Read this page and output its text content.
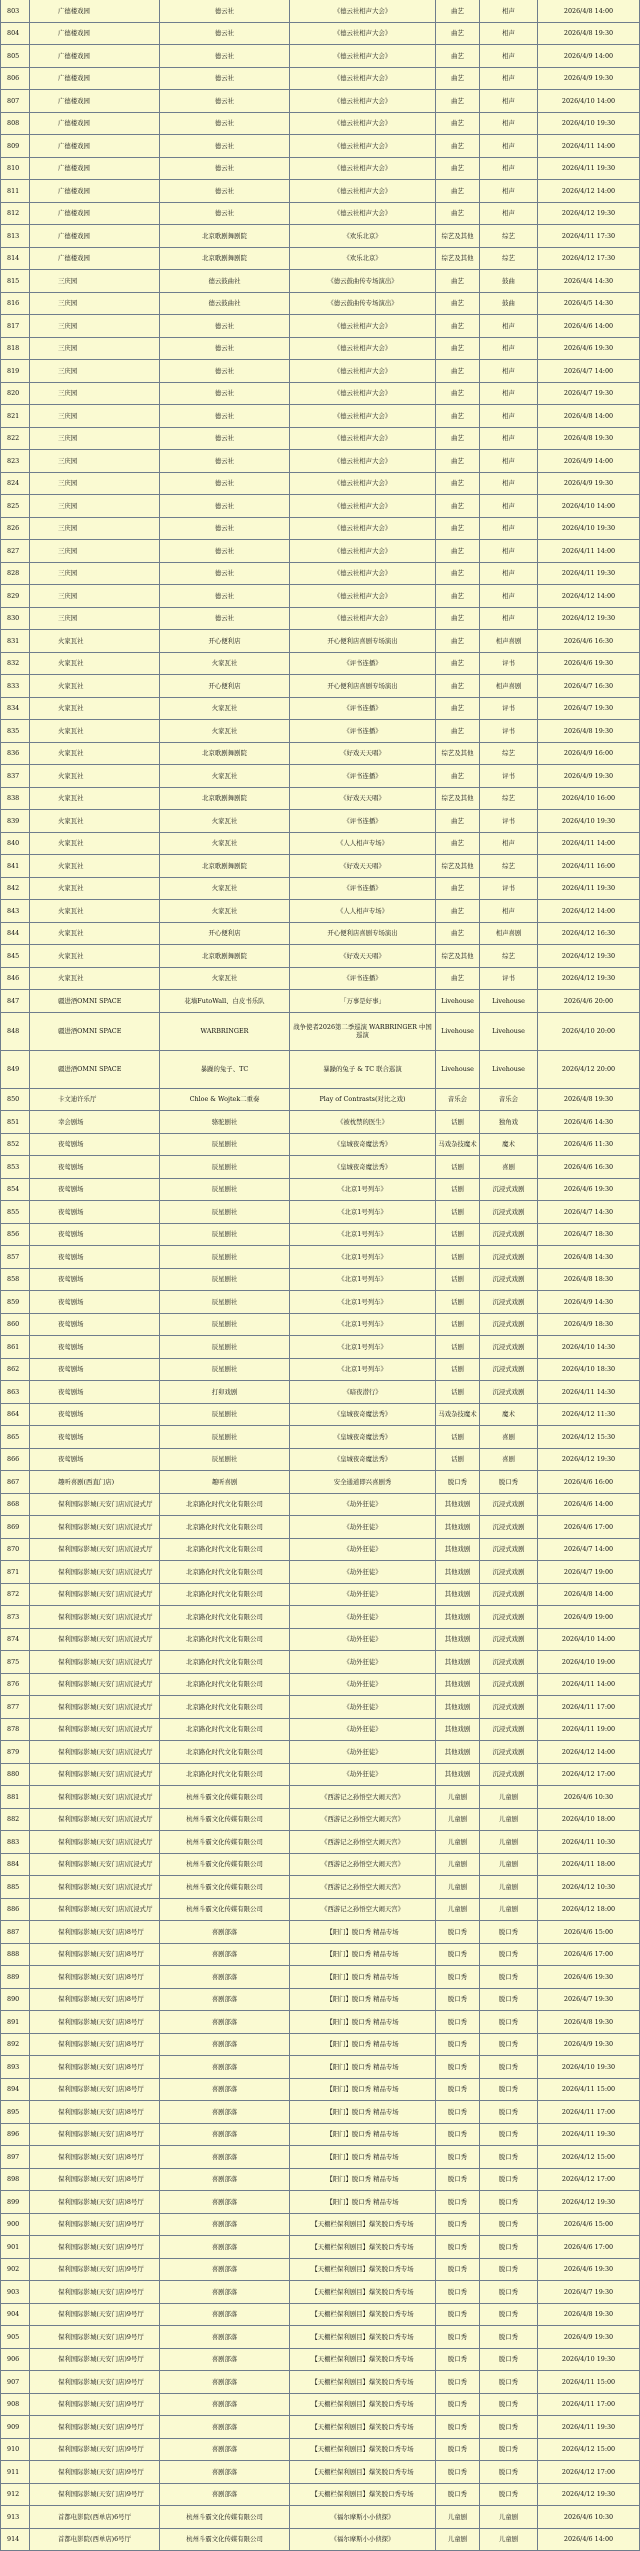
803	广德楼戏园	德云社	《德云社相声大会》	曲艺	相声	2026/4/8 14:00
804	广德楼戏园	德云社	《德云社相声大会》	曲艺	相声	2026/4/8 19:30
805	广德楼戏园	德云社	《德云社相声大会》	曲艺	相声	2026/4/9 14:00
806	广德楼戏园	德云社	《德云社相声大会》	曲艺	相声	2026/4/9 19:30
807	广德楼戏园	德云社	《德云社相声大会》	曲艺	相声	2026/4/10 14:00
808	广德楼戏园	德云社	《德云社相声大会》	曲艺	相声	2026/4/10 19:30
809	广德楼戏园	德云社	《德云社相声大会》	曲艺	相声	2026/4/11 14:00
810	广德楼戏园	德云社	《德云社相声大会》	曲艺	相声	2026/4/11 19:30
811	广德楼戏园	德云社	《德云社相声大会》	曲艺	相声	2026/4/12 14:00
812	广德楼戏园	德云社	《德云社相声大会》	曲艺	相声	2026/4/12 19:30
813	广德楼戏园	北京歌剧舞剧院	《欢乐北京》	综艺及其他	综艺	2026/4/11 17:30
814	广德楼戏园	北京歌剧舞剧院	《欢乐北京》	综艺及其他	综艺	2026/4/12 17:30
815	三庆园	德云鼓曲社	《德云鼓曲传专场演出》	曲艺	鼓曲	2026/4/4 14:30
816	三庆园	德云鼓曲社	《德云鼓曲传专场演出》	曲艺	鼓曲	2026/4/5 14:30
817	三庆园	德云社	《德云社相声大会》	曲艺	相声	2026/4/6 14:00
818	三庆园	德云社	《德云社相声大会》	曲艺	相声	2026/4/6 19:30
819	三庆园	德云社	《德云社相声大会》	曲艺	相声	2026/4/7 14:00
820	三庆园	德云社	《德云社相声大会》	曲艺	相声	2026/4/7 19:30
821	三庆园	德云社	《德云社相声大会》	曲艺	相声	2026/4/8 14:00
822	三庆园	德云社	《德云社相声大会》	曲艺	相声	2026/4/8 19:30
823	三庆园	德云社	《德云社相声大会》	曲艺	相声	2026/4/9 14:00
824	三庆园	德云社	《德云社相声大会》	曲艺	相声	2026/4/9 19:30
825	三庆园	德云社	《德云社相声大会》	曲艺	相声	2026/4/10 14:00
826	三庆园	德云社	《德云社相声大会》	曲艺	相声	2026/4/10 19:30
827	三庆园	德云社	《德云社相声大会》	曲艺	相声	2026/4/11 14:00
828	三庆园	德云社	《德云社相声大会》	曲艺	相声	2026/4/11 19:30
829	三庆园	德云社	《德云社相声大会》	曲艺	相声	2026/4/12 14:00
830	三庆园	德云社	《德云社相声大会》	曲艺	相声	2026/4/12 19:30
831	火家瓦社	开心便利店	开心便利店喜剧专场演出	曲艺	相声喜剧	2026/4/6 16:30
832	火家瓦社	火家瓦社	《评书连播》	曲艺	评书	2026/4/6 19:30
833	火家瓦社	开心便利店	开心便利店喜剧专场演出	曲艺	相声喜剧	2026/4/7 16:30
834	火家瓦社	火家瓦社	《评书连播》	曲艺	评书	2026/4/7 19:30
835	火家瓦社	火家瓦社	《评书连播》	曲艺	评书	2026/4/8 19:30
836	火家瓦社	北京歌剧舞剧院	《好戏天天唱》	综艺及其他	综艺	2026/4/9 16:00
837	火家瓦社	火家瓦社	《评书连播》	曲艺	评书	2026/4/9 19:30
838	火家瓦社	北京歌剧舞剧院	《好戏天天唱》	综艺及其他	综艺	2026/4/10 16:00
839	火家瓦社	火家瓦社	《评书连播》	曲艺	评书	2026/4/10 19:30
840	火家瓦社	火家瓦社	《人人相声专场》	曲艺	相声	2026/4/11 14:00
841	火家瓦社	北京歌剧舞剧院	《好戏天天唱》	综艺及其他	综艺	2026/4/11 16:00
842	火家瓦社	火家瓦社	《评书连播》	曲艺	评书	2026/4/11 19:30
843	火家瓦社	火家瓦社	《人人相声专场》	曲艺	相声	2026/4/12 14:00
844	火家瓦社	开心便利店	开心便利店喜剧专场演出	曲艺	相声喜剧	2026/4/12 16:30
845	火家瓦社	北京歌剧舞剧院	《好戏天天唱》	综艺及其他	综艺	2026/4/12 19:30
846	火家瓦社	火家瓦社	《评书连播》	曲艺	评书	2026/4/12 19:30
847	疆进酒OMNI SPACE	花墙FutoWall、白皮书乐队	「万事是好事」	Livehouse	Livehouse	2026/4/6 20:00
848	疆进酒OMNI SPACE	WARBRINGER	战争使者2026第二季巡演 WARBRINGER 中国巡演	Livehouse	Livehouse	2026/4/10 20:00
849	疆进酒OMNI SPACE	暴躁的兔子、TC	暴躁的兔子 & TC 联合巡演	Livehouse	Livehouse	2026/4/12 20:00
850	卡文迪许乐厅	Chloe & Wojtek二重奏	Play of Contrasts(对比之戏)	音乐会	音乐会	2026/4/8 19:30
851	幸会剧场	骆驼剧社	《被枕禁的医生》	话剧	独角戏	2026/4/6 14:30
852	夜莺剧场	辰星剧社	《皇城夜奇魔法秀》	马戏杂技魔术	魔术	2026/4/6 11:30
853	夜莺剧场	辰星剧社	《皇城夜奇魔法秀》	话剧	喜剧	2026/4/6 16:30
854	夜莺剧场	辰星剧社	《北京1号列车》	话剧	沉浸式戏剧	2026/4/6 19:30
855	夜莺剧场	辰星剧社	《北京1号列车》	话剧	沉浸式戏剧	2026/4/7 14:30
856	夜莺剧场	辰星剧社	《北京1号列车》	话剧	沉浸式戏剧	2026/4/7 18:30
857	夜莺剧场	辰星剧社	《北京1号列车》	话剧	沉浸式戏剧	2026/4/8 14:30
858	夜莺剧场	辰星剧社	《北京1号列车》	话剧	沉浸式戏剧	2026/4/8 18:30
859	夜莺剧场	辰星剧社	《北京1号列车》	话剧	沉浸式戏剧	2026/4/9 14:30
860	夜莺剧场	辰星剧社	《北京1号列车》	话剧	沉浸式戏剧	2026/4/9 18:30
861	夜莺剧场	辰星剧社	《北京1号列车》	话剧	沉浸式戏剧	2026/4/10 14:30
862	夜莺剧场	辰星剧社	《北京1号列车》	话剧	沉浸式戏剧	2026/4/10 18:30
863	夜莺剧场	打卯戏剧	《暗夜潜行》	话剧	沉浸式戏剧	2026/4/11 14:30
864	夜莺剧场	辰星剧社	《皇城夜奇魔法秀》	马戏杂技魔术	魔术	2026/4/12 11:30
865	夜莺剧场	辰星剧社	《皇城夜奇魔法秀》	话剧	喜剧	2026/4/12 15:30
866	夜莺剧场	辰星剧社	《皇城夜奇魔法秀》	话剧	喜剧	2026/4/12 19:30
867	趣听喜剧(西直门店)	趣听喜剧	安全通道即兴喜剧秀	脱口秀	脱口秀	2026/4/6 16:00
868	保利国际影城(天安门店)沉浸式厅	北京路化时代文化有限公司	《劫外狂徒》	其他戏剧	沉浸式戏剧	2026/4/6 14:00
869	保利国际影城(天安门店)沉浸式厅	北京路化时代文化有限公司	《劫外狂徒》	其他戏剧	沉浸式戏剧	2026/4/6 17:00
870	保利国际影城(天安门店)沉浸式厅	北京路化时代文化有限公司	《劫外狂徒》	其他戏剧	沉浸式戏剧	2026/4/7 14:00
871	保利国际影城(天安门店)沉浸式厅	北京路化时代文化有限公司	《劫外狂徒》	其他戏剧	沉浸式戏剧	2026/4/7 19:00
872	保利国际影城(天安门店)沉浸式厅	北京路化时代文化有限公司	《劫外狂徒》	其他戏剧	沉浸式戏剧	2026/4/8 14:00
873	保利国际影城(天安门店)沉浸式厅	北京路化时代文化有限公司	《劫外狂徒》	其他戏剧	沉浸式戏剧	2026/4/9 19:00
874	保利国际影城(天安门店)沉浸式厅	北京路化时代文化有限公司	《劫外狂徒》	其他戏剧	沉浸式戏剧	2026/4/10 14:00
875	保利国际影城(天安门店)沉浸式厅	北京路化时代文化有限公司	《劫外狂徒》	其他戏剧	沉浸式戏剧	2026/4/10 19:00
876	保利国际影城(天安门店)沉浸式厅	北京路化时代文化有限公司	《劫外狂徒》	其他戏剧	沉浸式戏剧	2026/4/11 14:00
877	保利国际影城(天安门店)沉浸式厅	北京路化时代文化有限公司	《劫外狂徒》	其他戏剧	沉浸式戏剧	2026/4/11 17:00
878	保利国际影城(天安门店)沉浸式厅	北京路化时代文化有限公司	《劫外狂徒》	其他戏剧	沉浸式戏剧	2026/4/11 19:00
879	保利国际影城(天安门店)沉浸式厅	北京路化时代文化有限公司	《劫外狂徒》	其他戏剧	沉浸式戏剧	2026/4/12 14:00
880	保利国际影城(天安门店)沉浸式厅	北京路化时代文化有限公司	《劫外狂徒》	其他戏剧	沉浸式戏剧	2026/4/12 17:00
881	保利国际影城(天安门店)沉浸式厅	杭州斗霸文化传媒有限公司	《西游记之孙悟空大闹天宫》	儿童剧	儿童剧	2026/4/6 10:30
882	保利国际影城(天安门店)沉浸式厅	杭州斗霸文化传媒有限公司	《西游记之孙悟空大闹天宫》	儿童剧	儿童剧	2026/4/10 18:00
883	保利国际影城(天安门店)沉浸式厅	杭州斗霸文化传媒有限公司	《西游记之孙悟空大闹天宫》	儿童剧	儿童剧	2026/4/11 10:30
884	保利国际影城(天安门店)沉浸式厅	杭州斗霸文化传媒有限公司	《西游记之孙悟空大闹天宫》	儿童剧	儿童剧	2026/4/11 18:00
885	保利国际影城(天安门店)沉浸式厅	杭州斗霸文化传媒有限公司	《西游记之孙悟空大闹天宫》	儿童剧	儿童剧	2026/4/12 10:30
886	保利国际影城(天安门店)沉浸式厅	杭州斗霸文化传媒有限公司	《西游记之孙悟空大闹天宫》	儿童剧	儿童剧	2026/4/12 18:00
887	保利国际影城(天安门店)8号厅	喜剧部落	【阳门】脱口秀 精品专场	脱口秀	脱口秀	2026/4/6 15:00
888	保利国际影城(天安门店)8号厅	喜剧部落	【阳门】脱口秀 精品专场	脱口秀	脱口秀	2026/4/6 17:00
889	保利国际影城(天安门店)8号厅	喜剧部落	【阳门】脱口秀 精品专场	脱口秀	脱口秀	2026/4/6 19:30
890	保利国际影城(天安门店)8号厅	喜剧部落	【阳门】脱口秀 精品专场	脱口秀	脱口秀	2026/4/7 19:30
891	保利国际影城(天安门店)8号厅	喜剧部落	【阳门】脱口秀 精品专场	脱口秀	脱口秀	2026/4/8 19:30
892	保利国际影城(天安门店)8号厅	喜剧部落	【阳门】脱口秀 精品专场	脱口秀	脱口秀	2026/4/9 19:30
893	保利国际影城(天安门店)8号厅	喜剧部落	【阳门】脱口秀 精品专场	脱口秀	脱口秀	2026/4/10 19:30
894	保利国际影城(天安门店)8号厅	喜剧部落	【阳门】脱口秀 精品专场	脱口秀	脱口秀	2026/4/11 15:00
895	保利国际影城(天安门店)8号厅	喜剧部落	【阳门】脱口秀 精品专场	脱口秀	脱口秀	2026/4/11 17:00
896	保利国际影城(天安门店)8号厅	喜剧部落	【阳门】脱口秀 精品专场	脱口秀	脱口秀	2026/4/11 19:30
897	保利国际影城(天安门店)8号厅	喜剧部落	【阳门】脱口秀 精品专场	脱口秀	脱口秀	2026/4/12 15:00
898	保利国际影城(天安门店)8号厅	喜剧部落	【阳门】脱口秀 精品专场	脱口秀	脱口秀	2026/4/12 17:00
899	保利国际影城(天安门店)8号厅	喜剧部落	【阳门】脱口秀 精品专场	脱口秀	脱口秀	2026/4/12 19:30
900	保利国际影城(天安门店)9号厅	喜剧部落	【天棚栏保利剧目】爆笑脱口秀专场	脱口秀	脱口秀	2026/4/6 15:00
901	保利国际影城(天安门店)9号厅	喜剧部落	【天棚栏保利剧目】爆笑脱口秀专场	脱口秀	脱口秀	2026/4/6 17:00
902	保利国际影城(天安门店)9号厅	喜剧部落	【天棚栏保利剧目】爆笑脱口秀专场	脱口秀	脱口秀	2026/4/6 19:30
903	保利国际影城(天安门店)9号厅	喜剧部落	【天棚栏保利剧目】爆笑脱口秀专场	脱口秀	脱口秀	2026/4/7 19:30
904	保利国际影城(天安门店)9号厅	喜剧部落	【天棚栏保利剧目】爆笑脱口秀专场	脱口秀	脱口秀	2026/4/8 19:30
905	保利国际影城(天安门店)9号厅	喜剧部落	【天棚栏保利剧目】爆笑脱口秀专场	脱口秀	脱口秀	2026/4/9 19:30
906	保利国际影城(天安门店)9号厅	喜剧部落	【天棚栏保利剧目】爆笑脱口秀专场	脱口秀	脱口秀	2026/4/10 19:30
907	保利国际影城(天安门店)9号厅	喜剧部落	【天棚栏保利剧目】爆笑脱口秀专场	脱口秀	脱口秀	2026/4/11 15:00
908	保利国际影城(天安门店)9号厅	喜剧部落	【天棚栏保利剧目】爆笑脱口秀专场	脱口秀	脱口秀	2026/4/11 17:00
909	保利国际影城(天安门店)9号厅	喜剧部落	【天棚栏保利剧目】爆笑脱口秀专场	脱口秀	脱口秀	2026/4/11 19:30
910	保利国际影城(天安门店)9号厅	喜剧部落	【天棚栏保利剧目】爆笑脱口秀专场	脱口秀	脱口秀	2026/4/12 15:00
911	保利国际影城(天安门店)9号厅	喜剧部落	【天棚栏保利剧目】爆笑脱口秀专场	脱口秀	脱口秀	2026/4/12 17:00
912	保利国际影城(天安门店)9号厅	喜剧部落	【天棚栏保利剧目】爆笑脱口秀专场	脱口秀	脱口秀	2026/4/12 19:30
913	首都电影院(西单店)6号厅	杭州斗霸文化传媒有限公司	《福尔摩斯小小侦探》	儿童剧	儿童剧	2026/4/6 10:30
914	首都电影院(西单店)6号厅	杭州斗霸文化传媒有限公司	《福尔摩斯小小侦探》	儿童剧	儿童剧	2026/4/6 14:00
